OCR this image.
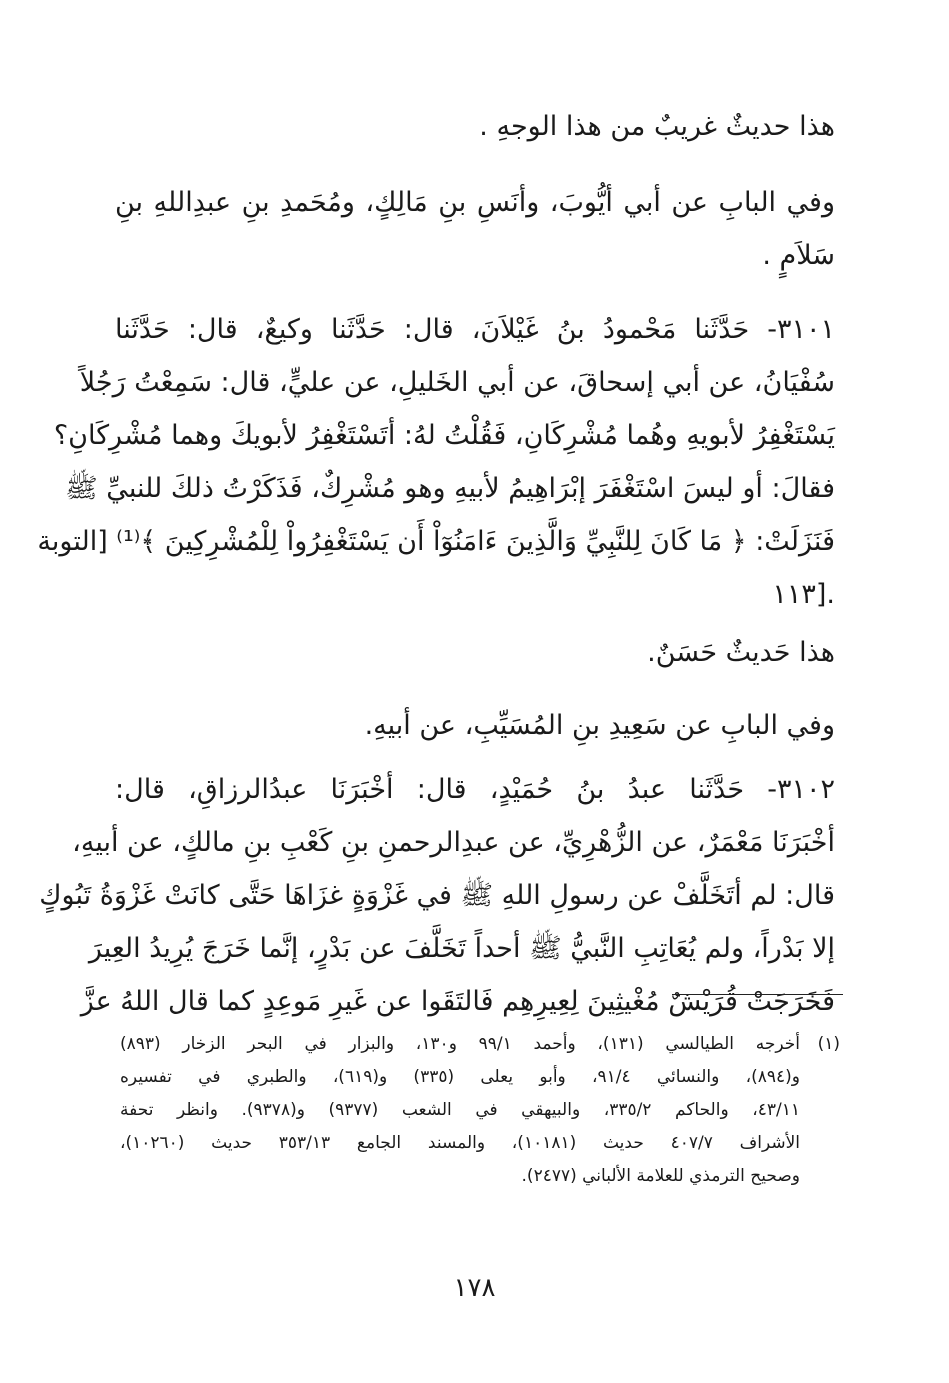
هذا حديثٌ غريبٌ من هذا الوجهِ .

وفي البابِ عن أبي أيُّوبَ، وأنَسِ بنِ مَالِكٍ، ومُحَمدِ بنِ عبدِاللهِ بنِ
سَلاَمٍ .

٣١٠١- حَدَّثَنا مَحْمودُ بنُ غَيْلاَنَ، قال: حَدَّثَنا وكيعٌ، قال: حَدَّثَنا
سُفْيَانُ، عن أبي إسحاقَ، عن أبي الخَليلِ، عن عليٍّ، قال: سَمِعْتُ رَجُلاً
يَسْتَغْفِرُ لأبويهِ وهُما مُشْرِكَانِ، فَقُلْتُ لهُ: أتَسْتَغْفِرُ لأبويكَ وهما مُشْرِكَانِ؟
فقالَ: أو ليسَ اسْتَغْفَرَ إبْرَاهِيمُ لأبيهِ وهو مُشْرِكٌ، فَذَكَرْتُ ذلكَ للنبيِّ ﷺ
فَنَزَلَتْ: ﴿ مَا كَانَ لِلنَّبِيِّ وَالَّذِينَ ءَامَنُوٓاْ أَن يَسْتَغْفِرُواْ لِلْمُشْرِكِينَ ﴾⁽¹⁾ [التوبة
.[١١٣

هذا حَديثٌ حَسَنٌ.

وفي البابِ عن سَعِيدِ بنِ المُسَيِّبِ، عن أبيهِ.

٣١٠٢- حَدَّثَنا عبدُ بنُ حُمَيْدٍ، قال: أخْبَرَنَا عبدُالرزاقِ، قال:
أخْبَرَنَا مَعْمَرٌ، عن الزُّهْرِيِّ، عن عبدِالرحمنِ بنِ كَعْبِ بنِ مالكٍ، عن أبيهِ،
قال: لم أتَخَلَّفْ عن رسولِ اللهِ ﷺ في غَزْوَةٍ غزَاهَا حَتَّى كانَتْ غَزْوَةُ تَبُوكٍ
إلا بَدْراً، ولم يُعَاتِبِ النَّبيُّ ﷺ أحداً تَخَلَّفَ عن بَدْرٍ، إنَّما خَرَجَ يُرِيدُ العِيرَ
فَخَرَجَتْ قُرَيْشٌ مُغْيثِينَ لِعِيرِهِم فَالتَقَوا عن غَيرِ مَوعِدٍ كما قال اللهُ عزَّ

(١)
أخرجه الطيالسي (١٣١)، وأحمد ٩٩/١ و١٣٠، والبزار في البحر الزخار (٨٩٣)
و(٨٩٤)، والنسائي ٩١/٤، وأبو يعلى (٣٣٥) و(٦١٩)، والطبري في تفسيره
٤٣/١١، والحاكم ٣٣٥/٢، والبيهقي في الشعب (٩٣٧٧) و(٩٣٧٨). وانظر تحفة
الأشراف ٤٠٧/٧ حديث (١٠١٨١)، والمسند الجامع ٣٥٣/١٣ حديث (١٠٢٦٠)،
وصحيح الترمذي للعلامة الألباني (٢٤٧٧).
١٧٨
